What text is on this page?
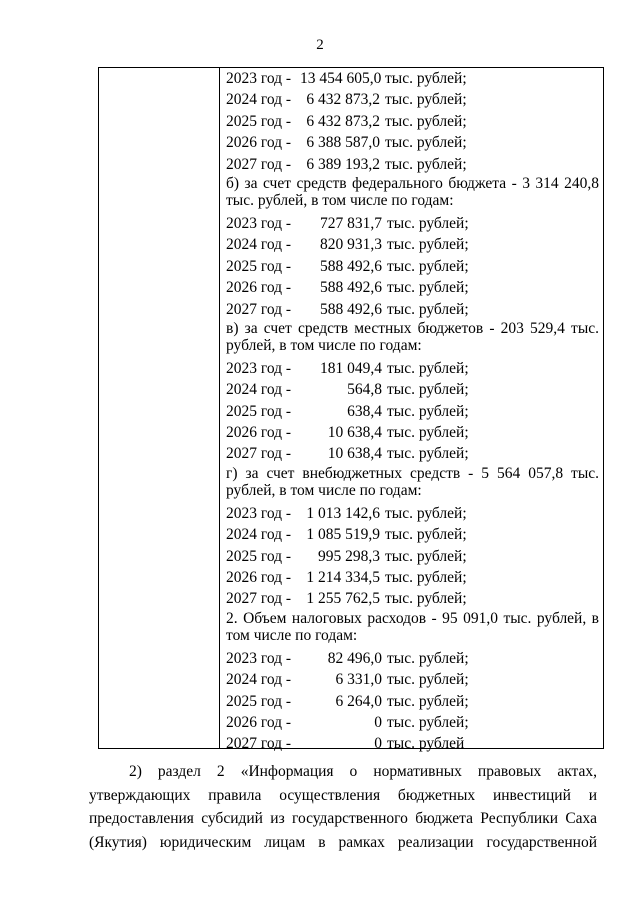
2
2023 год - 13 454 605,0 тыс. рублей;
2024 год - 6 432 873,2 тыс. рублей;
2025 год - 6 432 873,2 тыс. рублей;
2026 год - 6 388 587,0 тыс. рублей;
2027 год - 6 389 193,2 тыс. рублей;
б) за счет средств федерального бюджета - 3 314 240,8 тыс. рублей, в том числе по годам:
2023 год -	727 831,7 тыс. рублей;
2024 год -	820 931,3 тыс. рублей;
2025 год -	588 492,6 тыс. рублей;
2026 год -	588 492,6 тыс. рублей;
2027 год -	588 492,6 тыс. рублей;
в) за счет средств местных бюджетов - 203 529,4 тыс. рублей, в том числе по годам:
2023 год -	181 049,4 тыс. рублей;
2024 год -	564,8 тыс. рублей;
2025 год -	638,4 тыс. рублей;
2026 год -	10 638,4 тыс. рублей;
2027 год -	10 638,4 тыс. рублей;
г) за счет внебюджетных средств - 5 564 057,8 тыс. рублей, в том числе по годам:
2023 год - 1 013 142,6 тыс. рублей;
2024 год - 1 085 519,9 тыс. рублей;
2025 год -	995 298,3 тыс. рублей;
2026 год - 1 214 334,5 тыс. рублей;
2027 год - 1 255 762,5 тыс. рублей;
2. Объем налоговых расходов - 95 091,0 тыс. рублей, в том числе по годам:
2023 год -	82 496,0 тыс. рублей;
2024 год -	6 331,0 тыс. рублей;
2025 год -	6 264,0 тыс. рублей;
2026 год -	0 тыс. рублей;
2027 год -	0 тыс. рублей
2) раздел 2 «Информация о нормативных правовых актах, утверждающих правила осуществления бюджетных инвестиций и предоставления субсидий из государственного бюджета Республики Саха (Якутия) юридическим лицам в рамках реализации государственной
